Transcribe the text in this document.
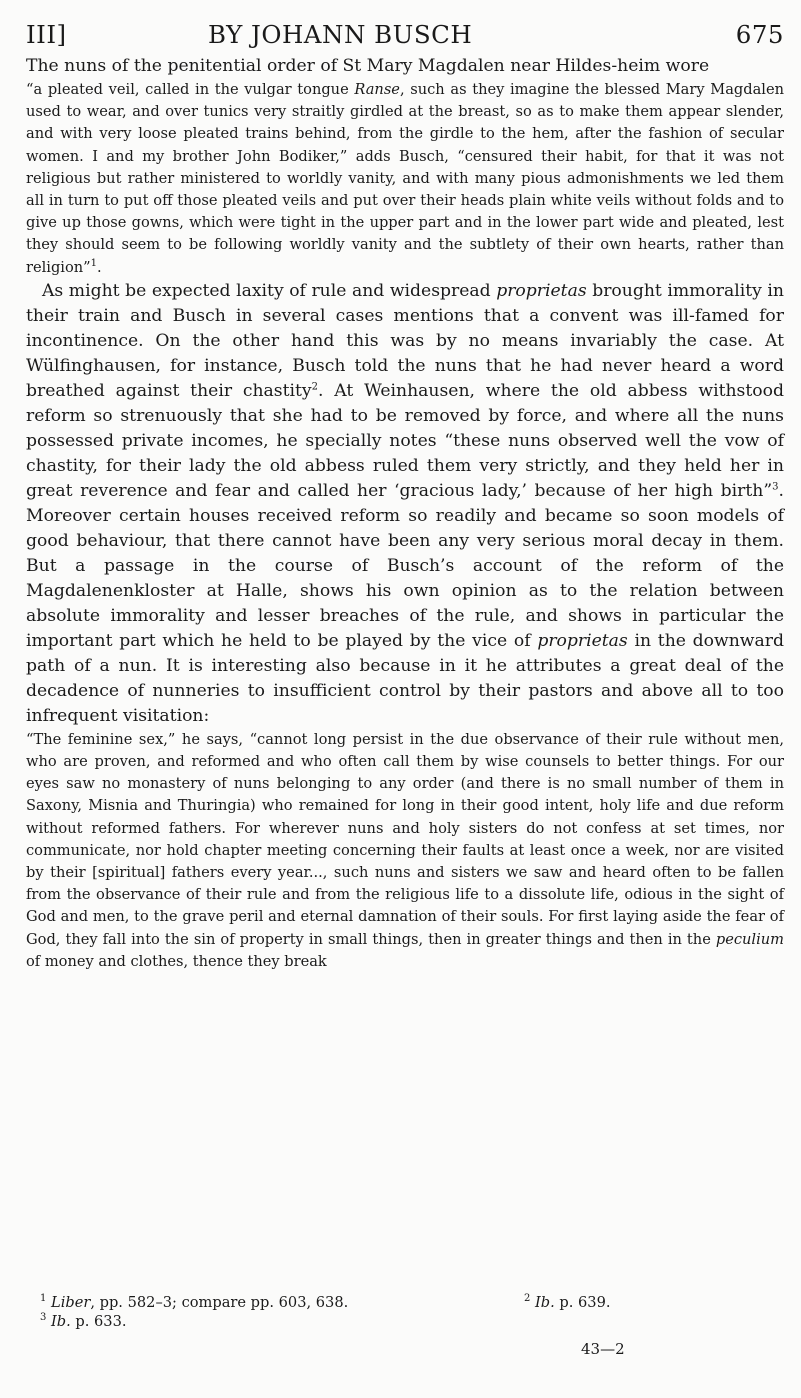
III]	BY JOHANN BUSCH	675

The nuns of the penitential order of St Mary Magdalen near Hildes-heim wore

“a pleated veil, called in the vulgar tongue Ranse, such as they imagine the blessed Mary Magdalen used to wear, and over tunics very straitly girdled at the breast, so as to make them appear slender, and with very loose pleated trains behind, from the girdle to the hem, after the fashion of secular women. I and my brother John Bodiker,” adds Busch, “censured their habit, for that it was not religious but rather ministered to worldly vanity, and with many pious admonishments we led them all in turn to put off those pleated veils and put over their heads plain white veils without folds and to give up those gowns, which were tight in the upper part and in the lower part wide and pleated, lest they should seem to be following worldly vanity and the subtlety of their own hearts, rather than religion”$^1$.

As might be expected laxity of rule and widespread proprietas brought immorality in their train and Busch in several cases mentions that a convent was ill-famed for incontinence. On the other hand this was by no means invariably the case. At Wülfinghausen, for instance, Busch told the nuns that he had never heard a word breathed against their chastity$^2$. At Weinhausen, where the old abbess withstood reform so strenuously that she had to be removed by force, and where all the nuns possessed private incomes, he specially notes “these nuns observed well the vow of chastity, for their lady the old abbess ruled them very strictly, and they held her in great reverence and fear and called her ‘gracious lady,’ because of her high birth”$^3$. Moreover certain houses received reform so readily and became so soon models of good behaviour, that there cannot have been any very serious moral decay in them. But a passage in the course of Busch’s account of the reform of the Magdalenenkloster at Halle, shows his own opinion as to the relation between absolute immorality and lesser breaches of the rule, and shows in particular the important part which he held to be played by the vice of proprietas in the downward path of a nun. It is interesting also because in it he attributes a great deal of the decadence of nunneries to insufficient control by their pastors and above all to too infrequent visitation:

“The feminine sex,” he says, “cannot long persist in the due observance of their rule without men, who are proven, and reformed and who often call them by wise counsels to better things. For our eyes saw no monastery of nuns belonging to any order (and there is no small number of them in Saxony, Misnia and Thuringia) who remained for long in their good intent, holy life and due reform without reformed fathers. For wherever nuns and holy sisters do not confess at set times, nor communicate, nor hold chapter meeting concerning their faults at least once a week, nor are visited by their [spiritual] fathers every year..., such nuns and sisters we saw and heard often to be fallen from the observance of their rule and from the religious life to a dissolute life, odious in the sight of God and men, to the grave peril and eternal damnation of their souls. For first laying aside the fear of God, they fall into the sin of property in small things, then in greater things and then in the peculium of money and clothes, thence they break

$^1$ Liber, pp. 582–3; compare pp. 603, 638.	$^2$ Ib. p. 639.
$^3$ Ib. p. 633.
43—2
